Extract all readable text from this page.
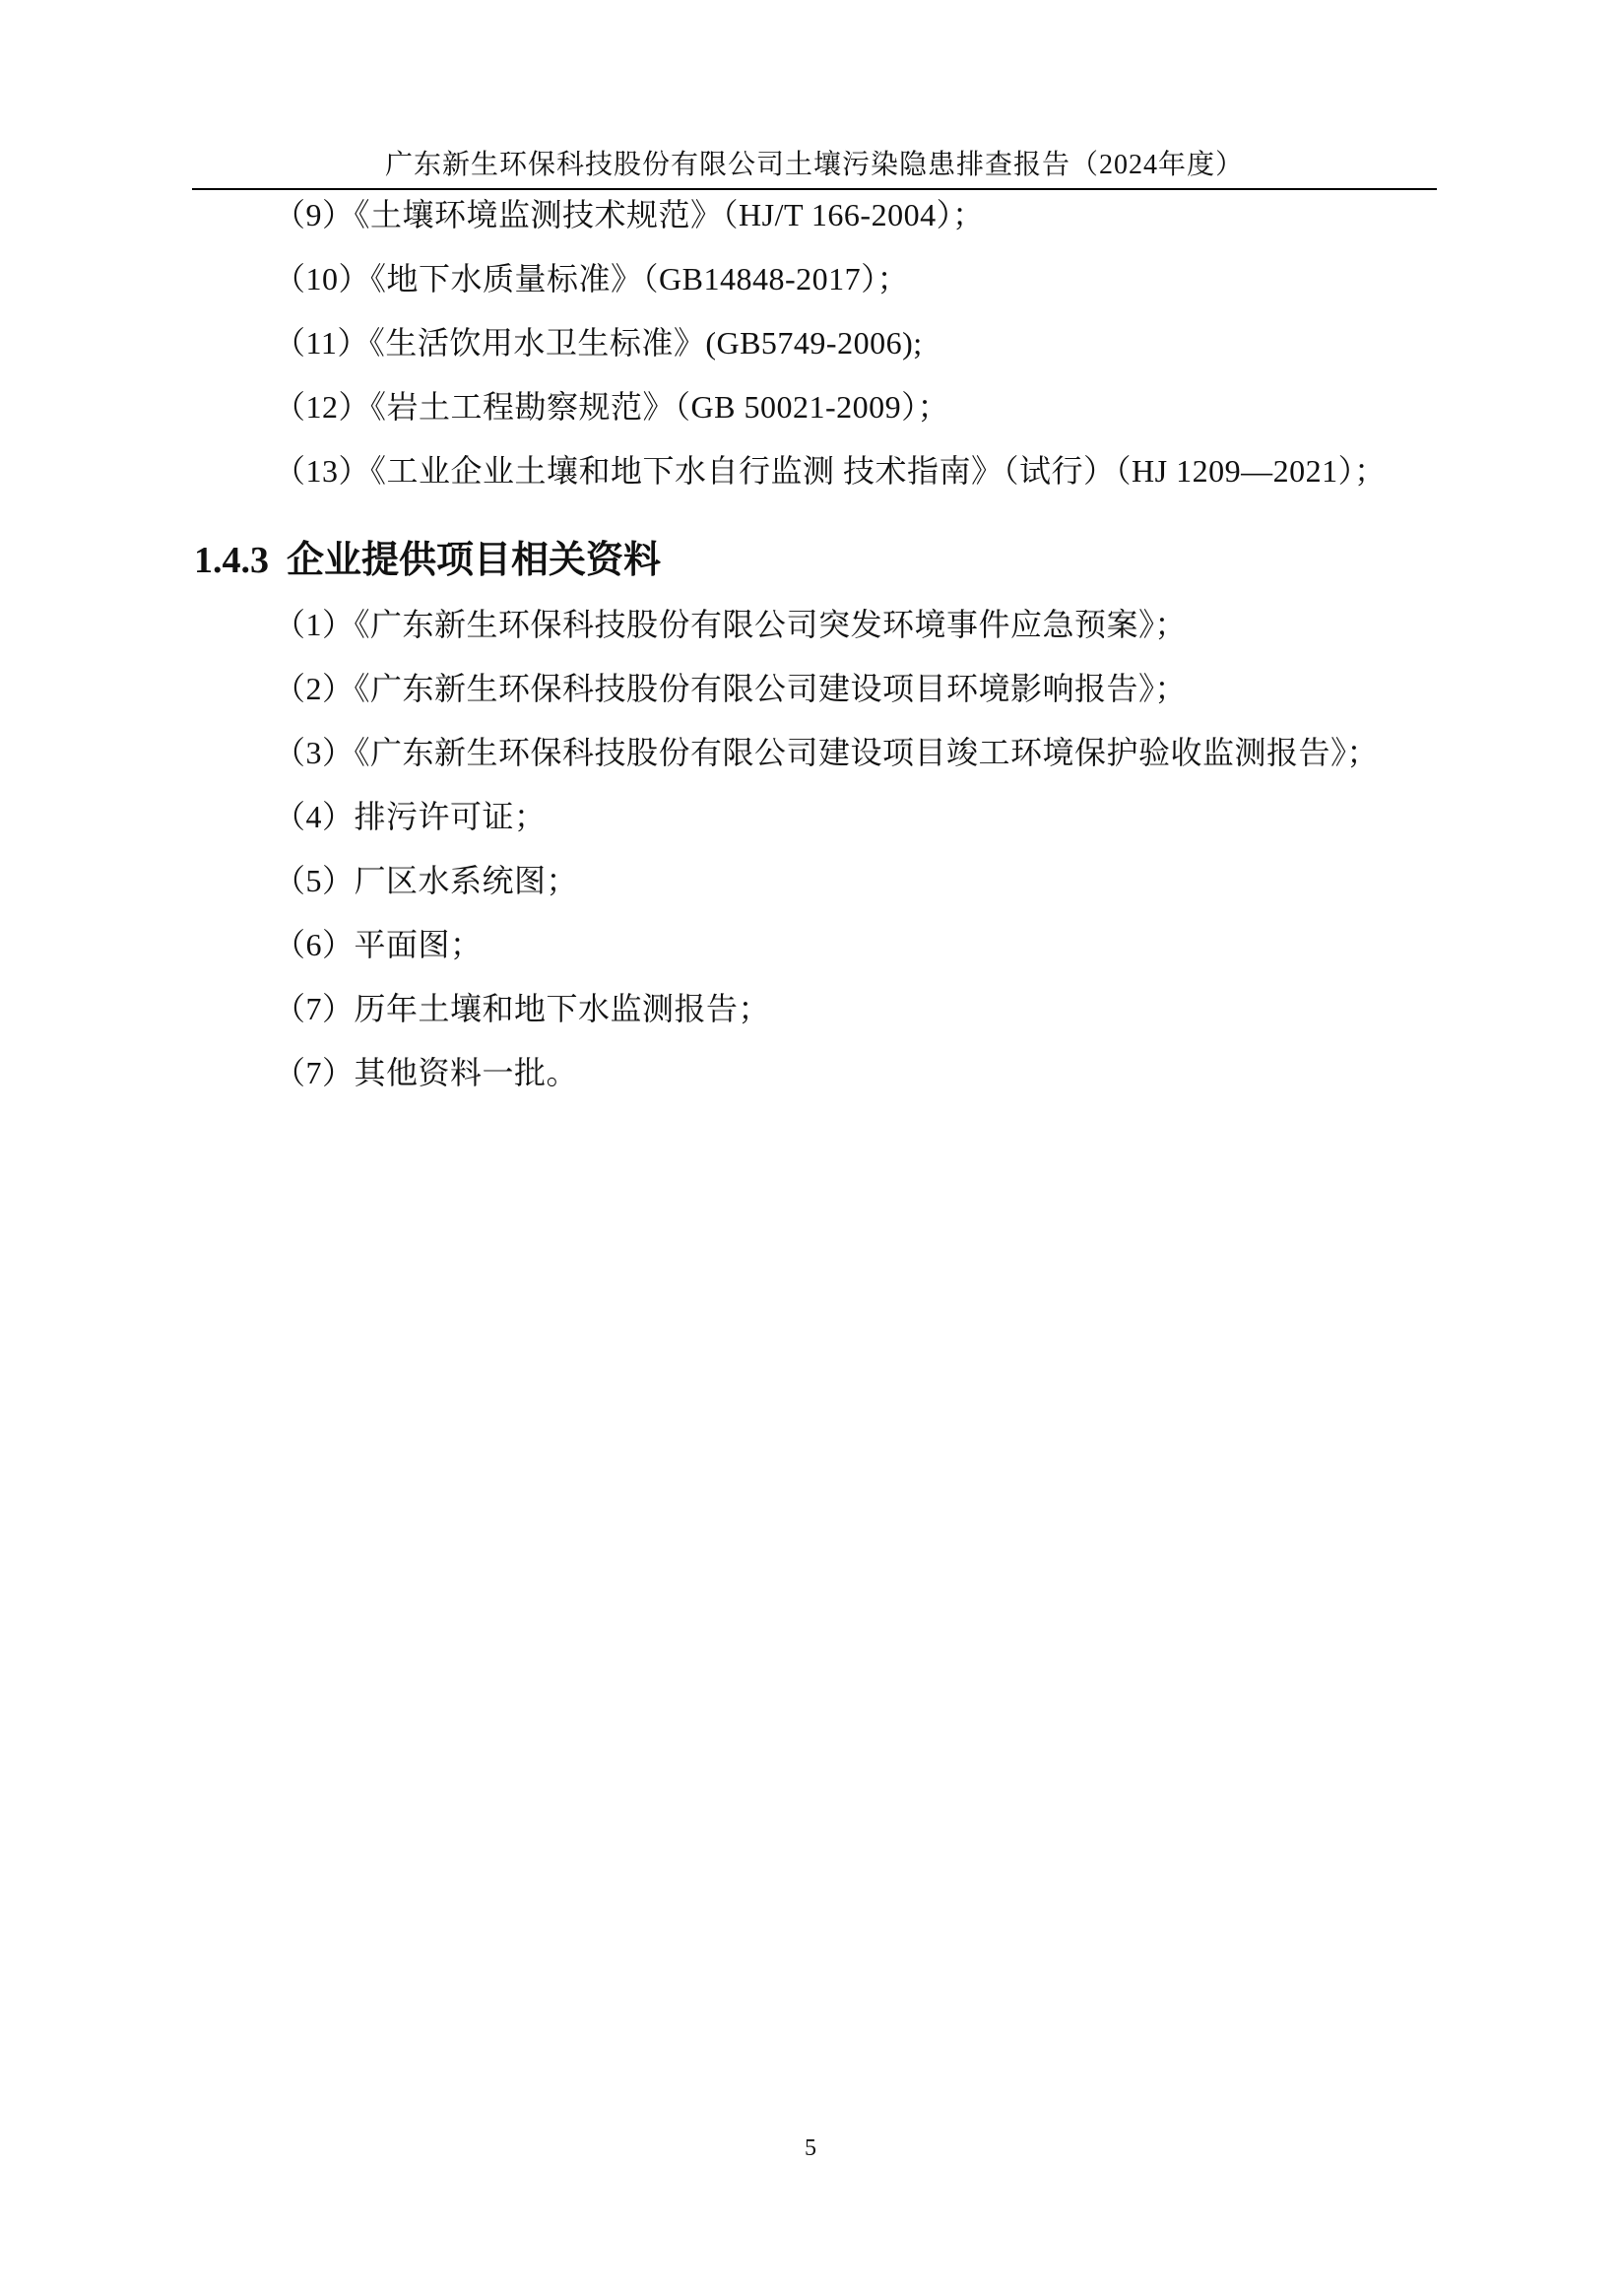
广东新生环保科技股份有限公司土壤污染隐患排查报告（2024年度）
（9）《土壤环境监测技术规范》（HJ/T 166-2004）；
（10）《地下水质量标准》（GB14848-2017）；
（11）《生活饮用水卫生标准》(GB5749-2006);
（12）《岩土工程勘察规范》（GB 50021-2009）；
（13）《工业企业土壤和地下水自行监测 技术指南》（试行）（HJ 1209—2021）；
1.4.3 企业提供项目相关资料
（1）《广东新生环保科技股份有限公司突发环境事件应急预案》；
（2）《广东新生环保科技股份有限公司建设项目环境影响报告》；
（3）《广东新生环保科技股份有限公司建设项目竣工环境保护验收监测报告》；
（4）排污许可证；
（5）厂区水系统图；
（6）平面图；
（7）历年土壤和地下水监测报告；
（7）其他资料一批。
5
